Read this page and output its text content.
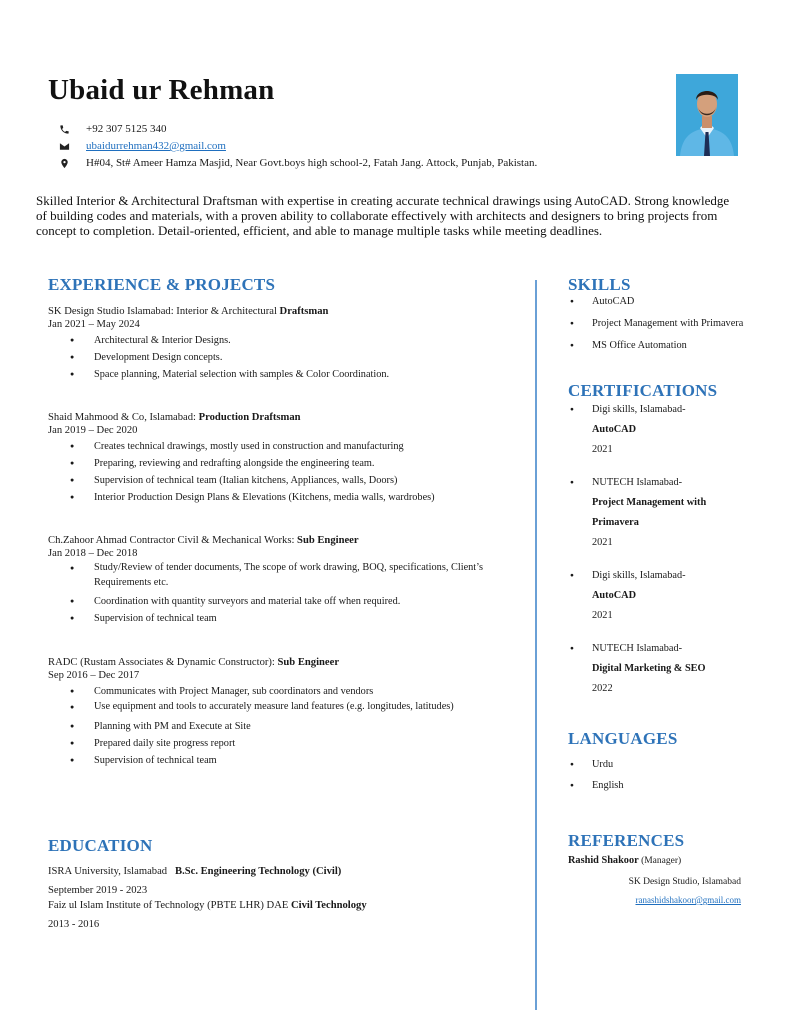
Ubaid ur Rehman
+92 307 5125 340
ubaidurrehman432@gmail.com
H#04, St# Ameer Hamza Masjid, Near Govt.boys high school-2, Fatah Jang. Attock, Punjab, Pakistan.
Skilled Interior & Architectural Draftsman with expertise in creating accurate technical drawings using AutoCAD. Strong knowledge of building codes and materials, with a proven ability to collaborate effectively with architects and designers to bring projects from concept to completion. Detail-oriented, efficient, and able to manage multiple tasks while meeting deadlines.
EXPERIENCE & PROJECTS
SK Design Studio Islamabad: Interior & Architectural Draftsman
Jan 2021 – May 2024
● Architectural & Interior Designs.
● Development Design concepts.
● Space planning, Material selection with samples & Color Coordination.
Shaid Mahmood & Co, Islamabad: Production Draftsman
Jan 2019 – Dec 2020
● Creates technical drawings, mostly used in construction and manufacturing
● Preparing, reviewing and redrafting alongside the engineering team.
● Supervision of technical team (Italian kitchens, Appliances, walls, Doors)
● Interior Production Design Plans & Elevations (Kitchens, media walls, wardrobes)
Ch.Zahoor Ahmad Contractor Civil & Mechanical Works: Sub Engineer
Jan 2018 – Dec 2018
● Study/Review of tender documents, The scope of work drawing, BOQ, specifications, Client’s Requirements etc.
● Coordination with quantity surveyors and material take off when required.
● Supervision of technical team
RADC (Rustam Associates & Dynamic Constructor): Sub Engineer
Sep 2016 – Dec 2017
● Communicates with Project Manager, sub coordinators and vendors
● Use equipment and tools to accurately measure land features (e.g. longitudes, latitudes)
● Planning with PM and Execute at Site
● Prepared daily site progress report
● Supervision of technical team
EDUCATION
ISRA University, Islamabad   B.Sc. Engineering Technology (Civil)
September 2019 - 2023
Faiz ul Islam Institute of Technology (PBTE LHR) DAE Civil Technology
2013 - 2016
SKILLS
● AutoCAD
● Project Management with Primavera
● MS Office Automation
CERTIFICATIONS
● Digi skills, Islamabad-
AutoCAD
2021
● NUTECH Islamabad-
Project Management with Primavera
2021
● Digi skills, Islamabad-
AutoCAD
2021
● NUTECH Islamabad-
Digital Marketing & SEO
2022
LANGUAGES
● Urdu
● English
REFERENCES
Rashid Shakoor (Manager)
SK Design Studio, Islamabad
ranashidshakoor@gmail.com
